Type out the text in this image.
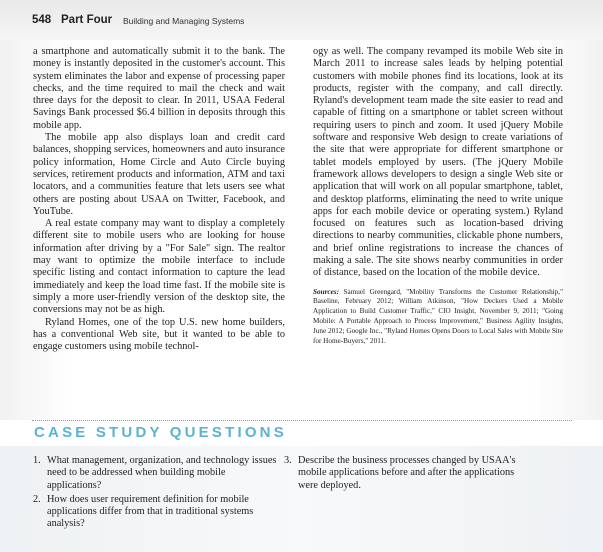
548 Part Four Building and Managing Systems

a smartphone and automatically submit it to the bank. The money is instantly deposited in the customer's account. This system eliminates the labor and expense of processing paper checks, and the time required to mail the check and wait three days for the deposit to clear. In 2011, USAA Federal Savings Bank processed $6.4 billion in deposits through this mobile app.

The mobile app also displays loan and credit card balances, shopping services, homeowners and auto insurance policy information, Home Circle and Auto Circle buying services, retirement products and information, ATM and taxi locators, and a communities feature that lets users see what others are posting about USAA on Twitter, Facebook, and YouTube.

A real estate company may want to display a completely different site to mobile users who are looking for house information after driving by a "For Sale" sign. The realtor may want to optimize the mobile interface to include specific listing and contact information to capture the lead immediately and keep the load time fast. If the mobile site is simply a more user-friendly version of the desktop site, the conversions may not be as high.

Ryland Homes, one of the top U.S. new home builders, has a conventional Web site, but it wanted to be able to engage customers using mobile technol-

ogy as well. The company revamped its mobile Web site in March 2011 to increase sales leads by helping potential customers with mobile phones find its locations, look at its products, register with the company, and call directly. Ryland's development team made the site easier to read and capable of fitting on a smartphone or tablet screen without requiring users to pinch and zoom. It used jQuery Mobile software and responsive Web design to create variations of the site that were appropriate for different smartphone or tablet models employed by users. (The jQuery Mobile framework allows developers to design a single Web site or application that will work on all popular smartphone, tablet, and desktop platforms, eliminating the need to write unique apps for each mobile device or operating system.) Ryland focused on features such as location-based driving directions to nearby communities, clickable phone numbers, and brief online registrations to increase the chances of making a sale. The site shows nearby communities in order of distance, based on the location of the mobile device.

Sources: Samuel Greengard, "Mobility Transforms the Customer Relationship," Baseline, February 2012; William Atkinson, "How Deckers Used a Mobile Application to Build Customer Traffic," CIO Insight, November 9, 2011; "Going Mobile: A Portable Approach to Process Improvement," Business Agility Insights, June 2012; Google Inc., "Ryland Homes Opens Doors to Local Sales with Mobile Site for Home-Buyers," 2011.
CASE STUDY QUESTIONS
1. What management, organization, and technology issues need to be addressed when building mobile applications?
2. How does user requirement definition for mobile applications differ from that in traditional systems analysis?
3. Describe the business processes changed by USAA's mobile applications before and after the applications were deployed.
